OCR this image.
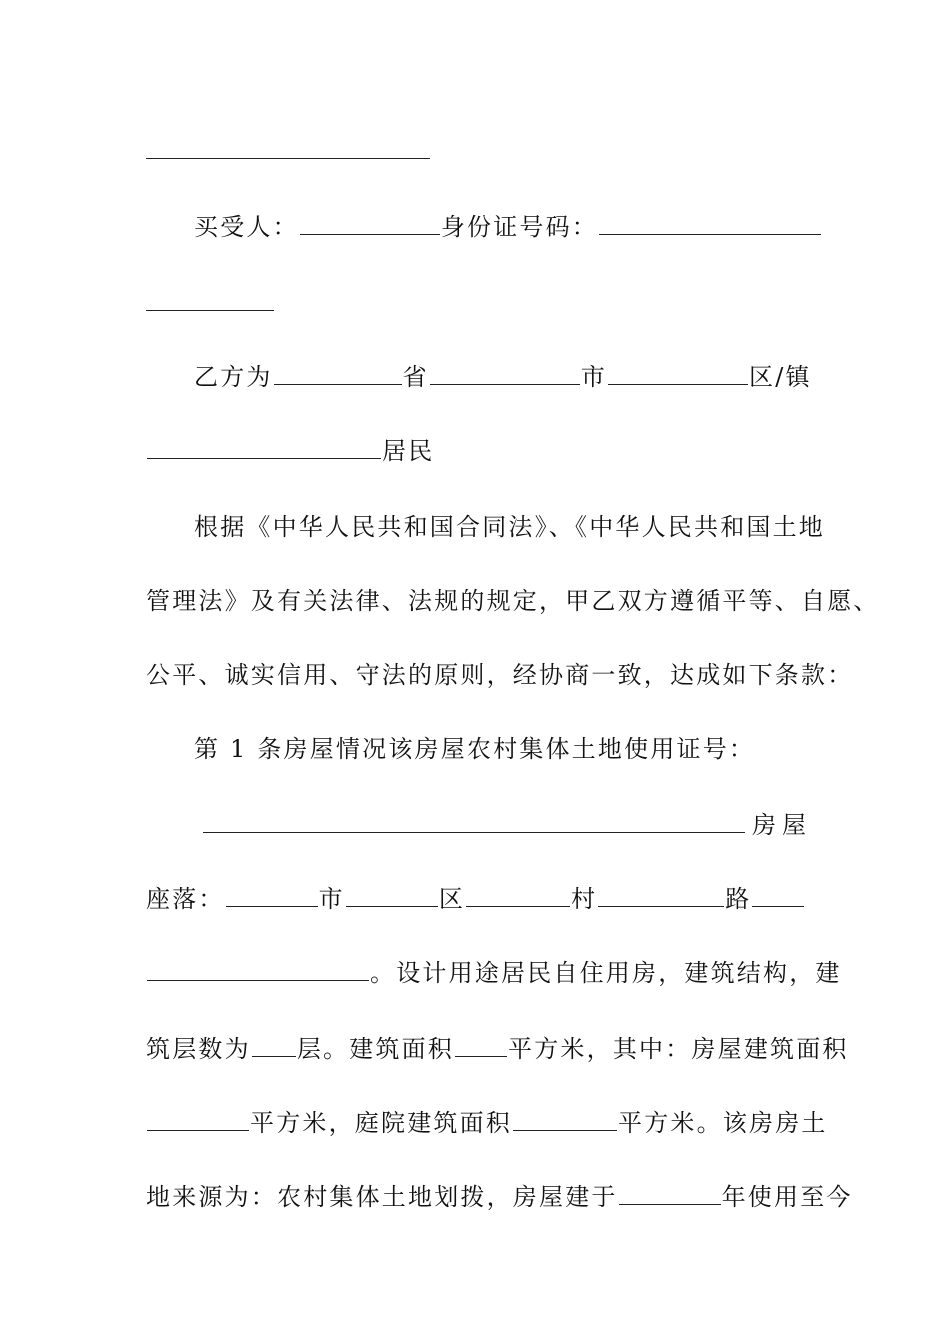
买受人：	身份证号码：
乙方为	省	市	区/镇
居民
根据《中华人民共和国合同法》、《中华人民共和国土地
管理法》及有关法律、法规的规定，甲乙双方遵循平等、自愿、
公平、诚实信用、守法的原则，经协商一致，达成如下条款：
第 1 条房屋情况该房屋农村集体土地使用证号：
房屋
座落：	市	区	村	路
。设计用途居民自住用房，建筑结构，建
筑层数为 层。建筑面积 平方米，其中：房屋建筑面积
平方米，庭院建筑面积	平方米。该房房土
地来源为：农村集体土地划拨，房屋建于	年使用至今
